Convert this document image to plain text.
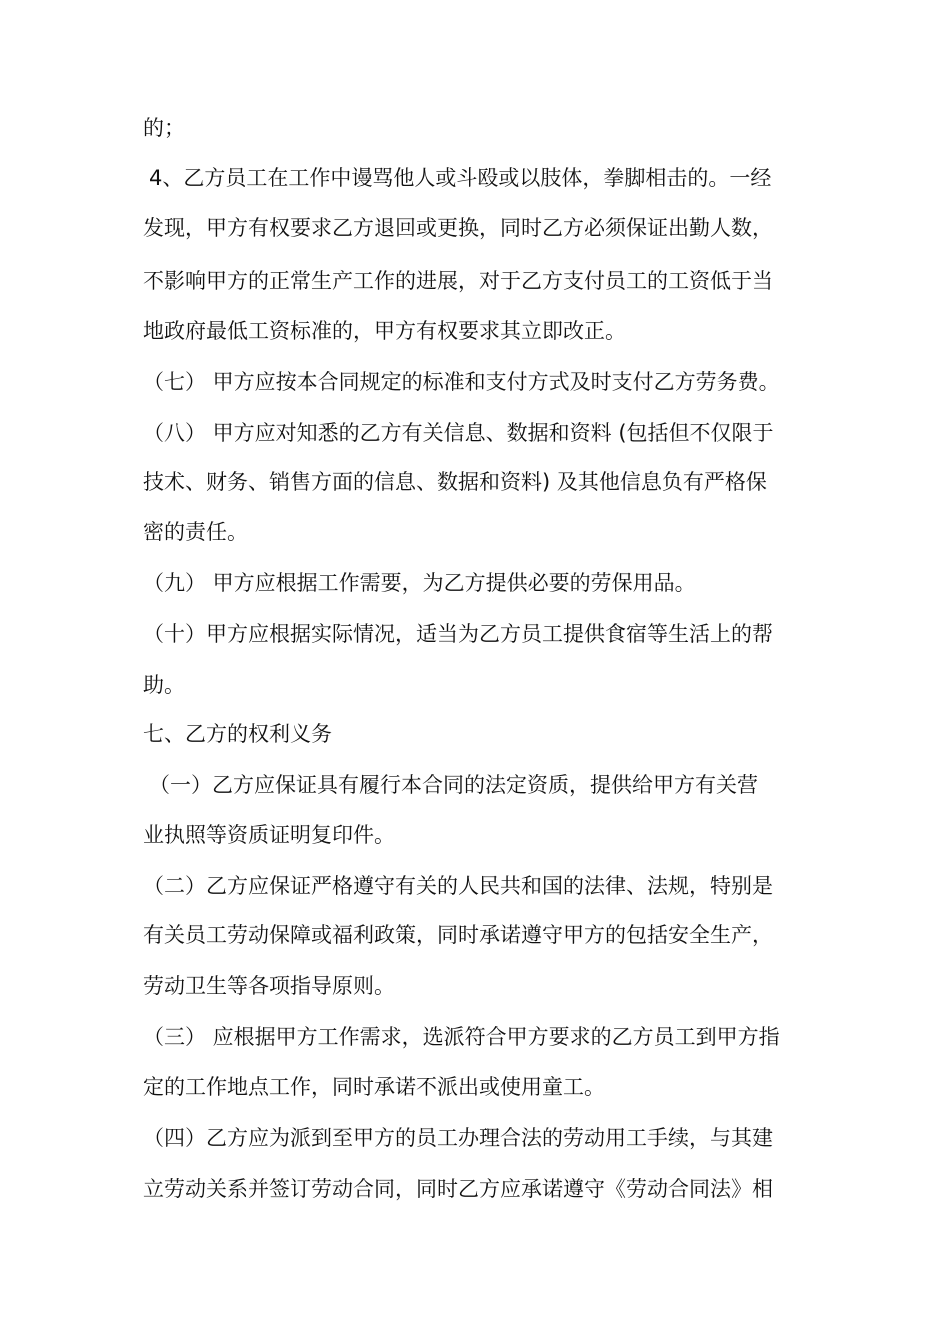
的；
4、乙方员工在工作中谩骂他人或斗殴或以肢体，拳脚相击的。一经
发现，甲方有权要求乙方退回或更换，同时乙方必须保证出勤人数，
不影响甲方的正常生产工作的进展，对于乙方支付员工的工资低于当
地政府最低工资标准的，甲方有权要求其立即改正。
（七） 甲方应按本合同规定的标准和支付方式及时支付乙方劳务费。
（八） 甲方应对知悉的乙方有关信息、数据和资料 (包括但不仅限于
技术、财务、销售方面的信息、数据和资料) 及其他信息负有严格保
密的责任。
（九） 甲方应根据工作需要，为乙方提供必要的劳保用品。
（十）甲方应根据实际情况，适当为乙方员工提供食宿等生活上的帮
助。
七、乙方的权利义务
（一）乙方应保证具有履行本合同的法定资质，提供给甲方有关营
业执照等资质证明复印件。
（二）乙方应保证严格遵守有关的人民共和国的法律、法规，特别是
有关员工劳动保障或福利政策，同时承诺遵守甲方的包括安全生产，
劳动卫生等各项指导原则。
（三） 应根据甲方工作需求，选派符合甲方要求的乙方员工到甲方指
定的工作地点工作，同时承诺不派出或使用童工。
（四）乙方应为派到至甲方的员工办理合法的劳动用工手续，与其建
立劳动关系并签订劳动合同，同时乙方应承诺遵守《劳动合同法》相
